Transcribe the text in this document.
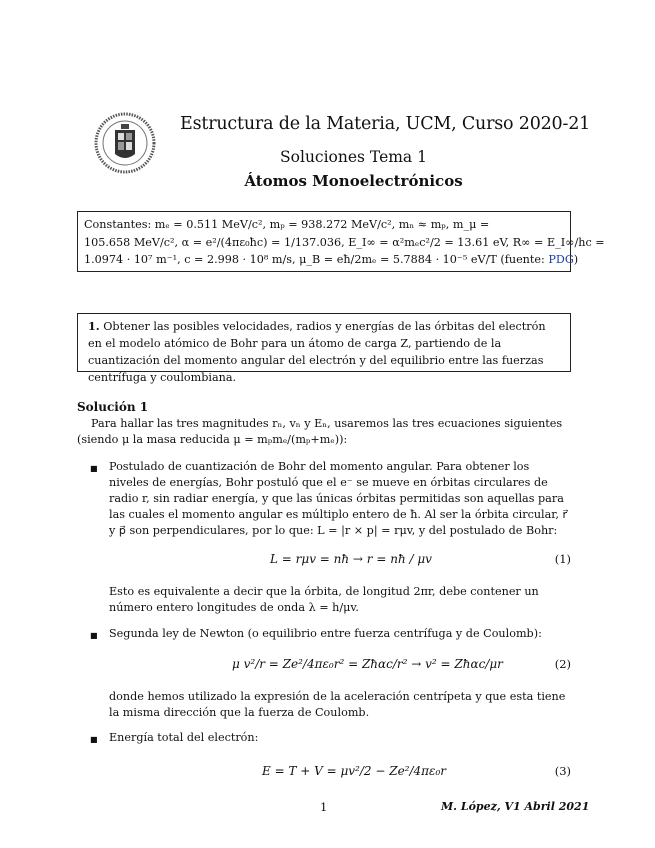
Estructura de la Materia, UCM, Curso 2020-21
Soluciones Tema 1
Átomos Monoelectrónicos
Constantes: mₑ = 0.511 MeV/c², mₚ = 938.272 MeV/c², mₙ ≈ mₚ, m_μ =
105.658 MeV/c², α = e²/(4πε₀ħc) = 1/137.036, E_I∞ = α²mₑc²/2 = 13.61 eV, R∞ = E_I∞/hc =
1.0974 · 10⁷ m⁻¹, c = 2.998 · 10⁸ m/s, μ_B = eħ/2mₑ = 5.7884 · 10⁻⁵ eV/T (fuente: PDG)
1. Obtener las posibles velocidades, radios y energías de las órbitas del electrón en el modelo atómico de Bohr para un átomo de carga Z, partiendo de la cuantización del momento angular del electrón y del equilibrio entre las fuerzas centrífuga y coulombiana.
Solución 1
Para hallar las tres magnitudes rₙ, vₙ y Eₙ, usaremos las tres ecuaciones siguientes (siendo μ la masa reducida μ = mₚmₑ/(mₚ+mₑ)):
■ Postulado de cuantización de Bohr del momento angular. Para obtener los niveles de energías, Bohr postuló que el e⁻ se mueve en órbitas circulares de radio r, sin radiar energía, y que las únicas órbitas permitidas son aquellas para las cuales el momento angular es múltiplo entero de ħ. Al ser la órbita circular, r⃗ y p⃗ son perpendiculares, por lo que: L = |r × p| = rμv, y del postulado de Bohr:
L = rμv = nħ → r = nħ / μv	(1)
Esto es equivalente a decir que la órbita, de longitud 2πr, debe contener un número entero longitudes de onda λ = h/μv.
■ Segunda ley de Newton (o equilibrio entre fuerza centrífuga y de Coulomb):
μ v²/r = Ze²/4πε₀r² = Zħαc/r² → v² = Zħαc/μr	(2)
donde hemos utilizado la expresión de la aceleración centrípeta y que esta tiene la misma dirección que la fuerza de Coulomb.
■ Energía total del electrón:
E = T + V = μv²/2 − Ze²/4πε₀r	(3)
1	M. López, V1 Abril 2021
